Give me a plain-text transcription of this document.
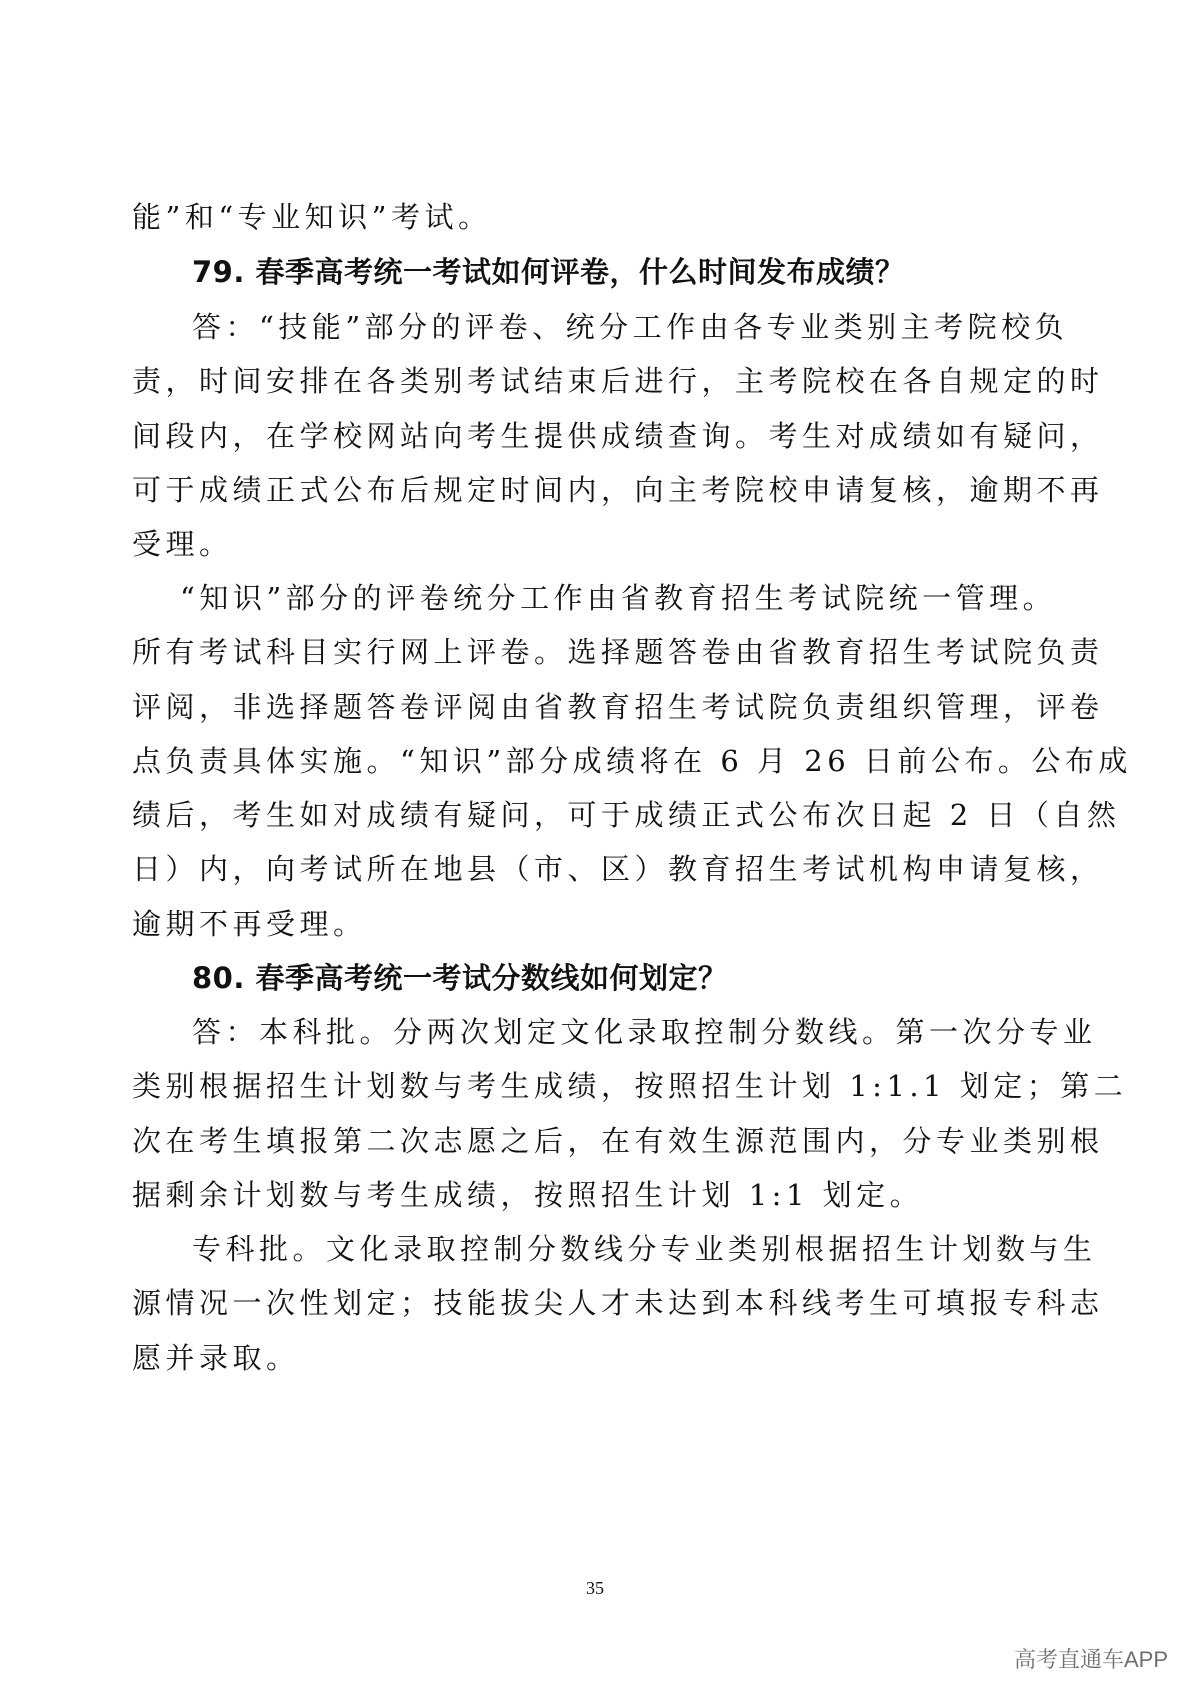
能”和“专业知识”考试。
79. 春季高考统一考试如何评卷，什么时间发布成绩？
答：“技能”部分的评卷、统分工作由各专业类别主考院校负
责，时间安排在各类别考试结束后进行，主考院校在各自规定的时
间段内，在学校网站向考生提供成绩查询。考生对成绩如有疑问，
可于成绩正式公布后规定时间内，向主考院校申请复核，逾期不再
受理。
“知识”部分的评卷统分工作由省教育招生考试院统一管理。
所有考试科目实行网上评卷。选择题答卷由省教育招生考试院负责
评阅，非选择题答卷评阅由省教育招生考试院负责组织管理，评卷
点负责具体实施。“知识”部分成绩将在 6 月 26 日前公布。公布成
绩后，考生如对成绩有疑问，可于成绩正式公布次日起 2 日（自然
日）内，向考试所在地县（市、区）教育招生考试机构申请复核，
逾期不再受理。
80. 春季高考统一考试分数线如何划定？
答：本科批。分两次划定文化录取控制分数线。第一次分专业
类别根据招生计划数与考生成绩，按照招生计划 1:1.1 划定；第二
次在考生填报第二次志愿之后，在有效生源范围内，分专业类别根
据剩余计划数与考生成绩，按照招生计划 1:1 划定。
专科批。文化录取控制分数线分专业类别根据招生计划数与生
源情况一次性划定；技能拔尖人才未达到本科线考生可填报专科志
愿并录取。
35
高考直通车APP
